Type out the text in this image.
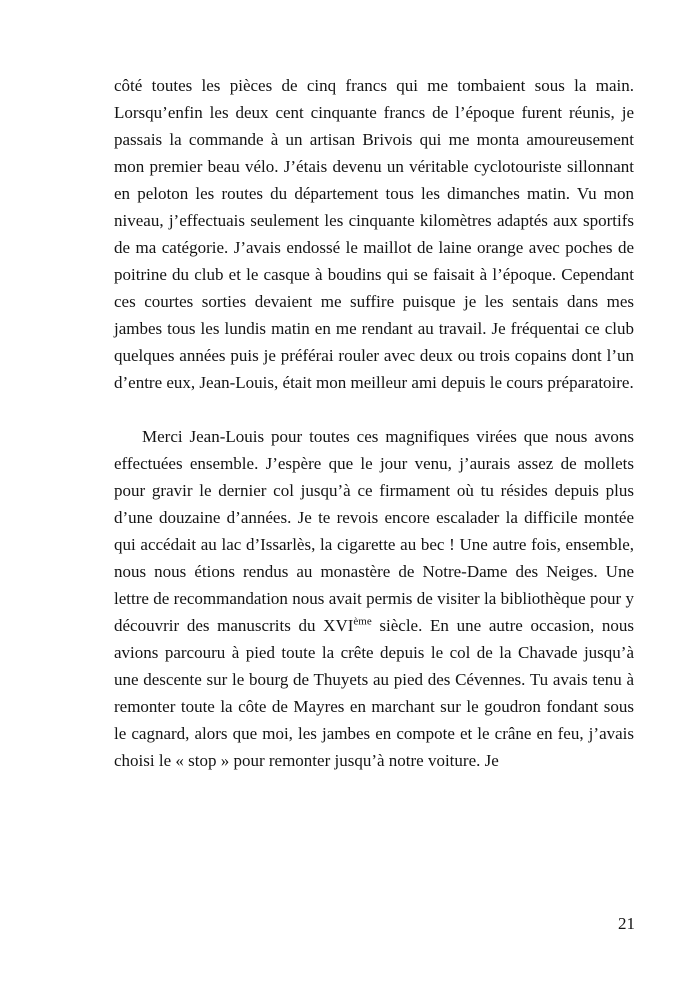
côté toutes les pièces de cinq francs qui me tombaient sous la main. Lorsqu’enfin les deux cent cinquante francs de l’époque furent réunis, je passais la commande à un artisan Brivois qui me monta amoureusement mon premier beau vélo. J’étais devenu un véritable cyclotouriste sillonnant en peloton les routes du département tous les dimanches matin. Vu mon niveau, j’effectuais seulement les cinquante kilomètres adaptés aux sportifs de ma catégorie. J’avais endossé le maillot de laine orange avec poches de poitrine du club et le casque à boudins qui se faisait à l’époque. Cependant ces courtes sorties devaient me suffire puisque je les sentais dans mes jambes tous les lundis matin en me rendant au travail. Je fréquentai ce club quelques années puis je préférai rouler avec deux ou trois copains dont l’un d’entre eux, Jean-Louis, était mon meilleur ami depuis le cours préparatoire.

Merci Jean-Louis pour toutes ces magnifiques virées que nous avons effectuées ensemble. J’espère que le jour venu, j’aurais assez de mollets pour gravir le dernier col jusqu’à ce firmament où tu résides depuis plus d’une douzaine d’années. Je te revois encore escalader la difficile montée qui accédait au lac d’Issarlès, la cigarette au bec ! Une autre fois, ensemble, nous nous étions rendus au monastère de Notre-Dame des Neiges. Une lettre de recommandation nous avait permis de visiter la bibliothèque pour y découvrir des manuscrits du XVIème siècle. En une autre occasion, nous avions parcouru à pied toute la crête depuis le col de la Chavade jusqu’à une descente sur le bourg de Thuyets au pied des Cévennes. Tu avais tenu à remonter toute la côte de Mayres en marchant sur le goudron fondant sous le cagnard, alors que moi, les jambes en compote et le crâne en feu, j’avais choisi le « stop » pour remonter jusqu’à notre voiture. Je

21
